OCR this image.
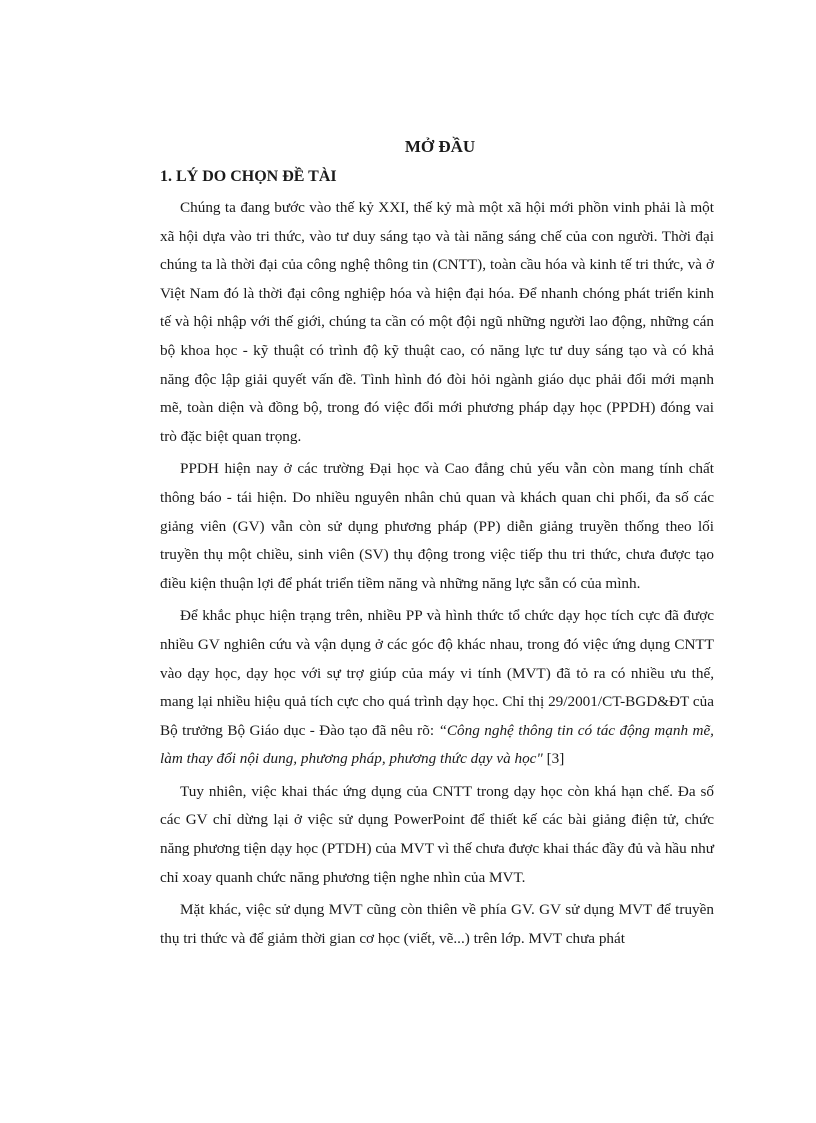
MỞ ĐẦU
1. LÝ DO CHỌN ĐỀ TÀI

Chúng ta đang bước vào thế kỷ XXI, thế kỷ mà một xã hội mới phồn vinh phải là một xã hội dựa vào tri thức, vào tư duy sáng tạo và tài năng sáng chế của con người. Thời đại chúng ta là thời đại của công nghệ thông tin (CNTT), toàn cầu hóa và kinh tế tri thức, và ở Việt Nam đó là thời đại công nghiệp hóa và hiện đại hóa. Để nhanh chóng phát triển kinh tế và hội nhập với thế giới, chúng ta cần có một đội ngũ những người lao động, những cán bộ khoa học - kỹ thuật có trình độ kỹ thuật cao, có năng lực tư duy sáng tạo và có khả năng độc lập giải quyết vấn đề. Tình hình đó đòi hỏi ngành giáo dục phải đổi mới mạnh mẽ, toàn diện và đồng bộ, trong đó việc đổi mới phương pháp dạy học (PPDH) đóng vai trò đặc biệt quan trọng.

PPDH hiện nay ở các trường Đại học và Cao đẳng chủ yếu vẫn còn mang tính chất thông báo - tái hiện. Do nhiều nguyên nhân chủ quan và khách quan chi phối, đa số các giảng viên (GV) vẫn còn sử dụng phương pháp (PP) diễn giảng truyền thống theo lối truyền thụ một chiều, sinh viên (SV) thụ động trong việc tiếp thu tri thức, chưa được tạo điều kiện thuận lợi để phát triển tiềm năng và những năng lực sẵn có của mình.

Để khắc phục hiện trạng trên, nhiều PP và hình thức tổ chức dạy học tích cực đã được nhiều GV nghiên cứu và vận dụng ở các góc độ khác nhau, trong đó việc ứng dụng CNTT vào dạy học, dạy học với sự trợ giúp của máy vi tính (MVT) đã tỏ ra có nhiều ưu thế, mang lại nhiều hiệu quả tích cực cho quá trình dạy học. Chỉ thị 29/2001/CT-BGD&ĐT của Bộ trưởng Bộ Giáo dục - Đào tạo đã nêu rõ: “Công nghệ thông tin có tác động mạnh mẽ, làm thay đổi nội dung, phương pháp, phương thức dạy và học" [3]

Tuy nhiên, việc khai thác ứng dụng của CNTT trong dạy học còn khá hạn chế. Đa số các GV chỉ dừng lại ở việc sử dụng PowerPoint để thiết kế các bài giảng điện tử, chức năng phương tiện dạy học (PTDH) của MVT vì thế chưa được khai thác đầy đủ và hầu như chỉ xoay quanh chức năng phương tiện nghe nhìn của MVT.

Mặt khác, việc sử dụng MVT cũng còn thiên về phía GV. GV sử dụng MVT để truyền thụ tri thức và để giảm thời gian cơ học (viết, vẽ...) trên lớp. MVT chưa phát
